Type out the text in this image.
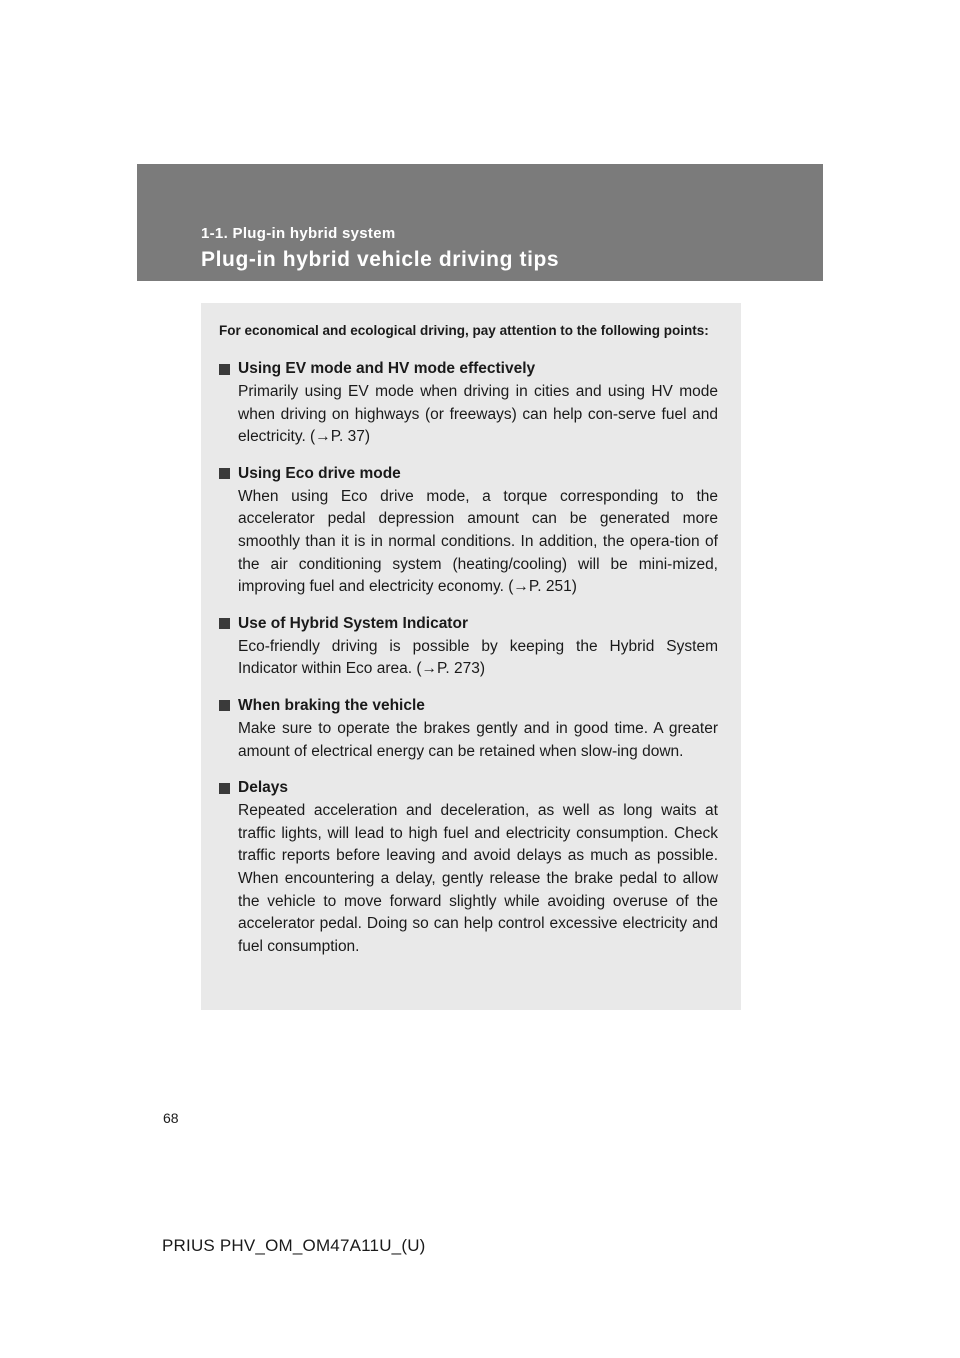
1-1. Plug-in hybrid system
Plug-in hybrid vehicle driving tips

For economical and ecological driving, pay attention to the following points:

Using EV mode and HV mode effectively
Primarily using EV mode when driving in cities and using HV mode when driving on highways (or freeways) can help con-serve fuel and electricity. (→P. 37)
Using Eco drive mode
When using Eco drive mode, a torque corresponding to the accelerator pedal depression amount can be generated more smoothly than it is in normal conditions. In addition, the opera-tion of the air conditioning system (heating/cooling) will be mini-mized, improving fuel and electricity economy. (→P. 251)
Use of Hybrid System Indicator
Eco-friendly driving is possible by keeping the Hybrid System Indicator within Eco area. (→P. 273)
When braking the vehicle
Make sure to operate the brakes gently and in good time. A greater amount of electrical energy can be retained when slow-ing down.
Delays
Repeated acceleration and deceleration, as well as long waits at traffic lights, will lead to high fuel and electricity consumption. Check traffic reports before leaving and avoid delays as much as possible. When encountering a delay, gently release the brake pedal to allow the vehicle to move forward slightly while avoiding overuse of the accelerator pedal. Doing so can help control excessive electricity and fuel consumption.
68
PRIUS PHV_OM_OM47A11U_(U)
